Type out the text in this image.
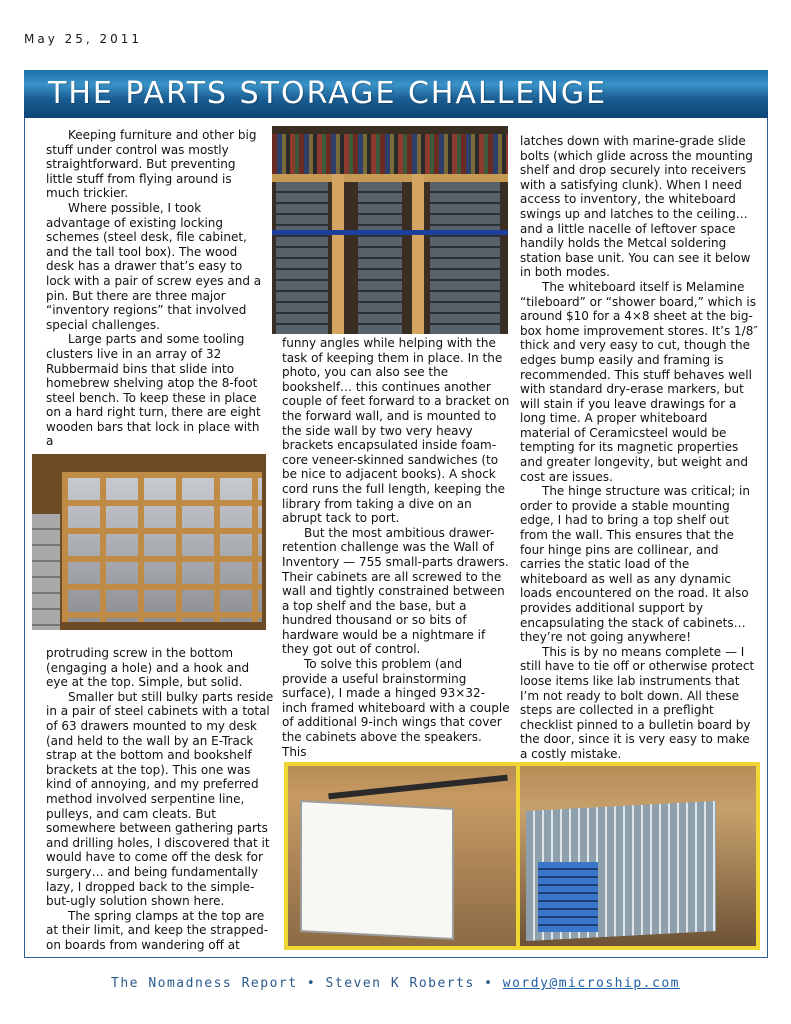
May 25, 2011
THE PARTS STORAGE CHALLENGE

Keeping furniture and other big stuff under control was mostly straightforward. But preventing little stuff from flying around is much trickier.

Where possible, I took advantage of existing locking schemes (steel desk, file cabinet, and the tall tool box). The wood desk has a drawer that’s easy to lock with a pair of screw eyes and a pin. But there are three major “inventory regions” that involved special challenges.

Large parts and some tooling clusters live in an array of 32 Rubbermaid bins that slide into homebrew shelving atop the 8-foot steel bench. To keep these in place on a hard right turn, there are eight wooden bars that lock in place with a

protruding screw in the bottom (engaging a hole) and a hook and eye at the top. Simple, but solid.

Smaller but still bulky parts reside in a pair of steel cabinets with a total of 63 drawers mounted to my desk (and held to the wall by an E-Track strap at the bottom and bookshelf brackets at the top). This one was kind of annoying, and my preferred method involved serpentine line, pulleys, and cam cleats. But somewhere between gathering parts and drilling holes, I discovered that it would have to come off the desk for surgery… and being fundamentally lazy, I dropped back to the simple-but-ugly solution shown here.

The spring clamps at the top are at their limit, and keep the strapped-on boards from wandering off at

funny angles while helping with the task of keeping them in place. In the photo, you can also see the bookshelf… this continues another couple of feet forward to a bracket on the forward wall, and is mounted to the side wall by two very heavy brackets encapsulated inside foam-core veneer-skinned sandwiches (to be nice to adjacent books). A shock cord runs the full length, keeping the library from taking a dive on an abrupt tack to port.

But the most ambitious drawer-retention challenge was the Wall of Inventory — 755 small-parts drawers. Their cabinets are all screwed to the wall and tightly constrained between a top shelf and the base, but a hundred thousand or so bits of hardware would be a nightmare if they got out of control.

To solve this problem (and provide a useful brainstorming surface), I made a hinged 93×32-inch framed whiteboard with a couple of additional 9-inch wings that cover the cabinets above the speakers. This

latches down with marine-grade slide bolts (which glide across the mounting shelf and drop securely into receivers with a satisfying clunk). When I need access to inventory, the whiteboard swings up and latches to the ceiling… and a little nacelle of leftover space handily holds the Metcal soldering station base unit. You can see it below in both modes.

The whiteboard itself is Melamine “tileboard” or “shower board,” which is around $10 for a 4×8 sheet at the big-box home improvement stores. It’s 1/8″ thick and very easy to cut, though the edges bump easily and framing is recommended. This stuff behaves well with standard dry-erase markers, but will stain if you leave drawings for a long time. A proper whiteboard material of Ceramicsteel would be tempting for its magnetic properties and greater longevity, but weight and cost are issues.

The hinge structure was critical; in order to provide a stable mounting edge, I had to bring a top shelf out from the wall. This ensures that the four hinge pins are collinear, and carries the static load of the whiteboard as well as any dynamic loads encountered on the road. It also provides additional support by encapsulating the stack of cabinets… they’re not going anywhere!

This is by no means complete — I still have to tie off or otherwise protect loose items like lab instruments that I’m not ready to bolt down. All these steps are collected in a preflight checklist pinned to a bulletin board by the door, since it is very easy to make a costly mistake.

The Nomadness Report • Steven K Roberts • wordy@microship.com
